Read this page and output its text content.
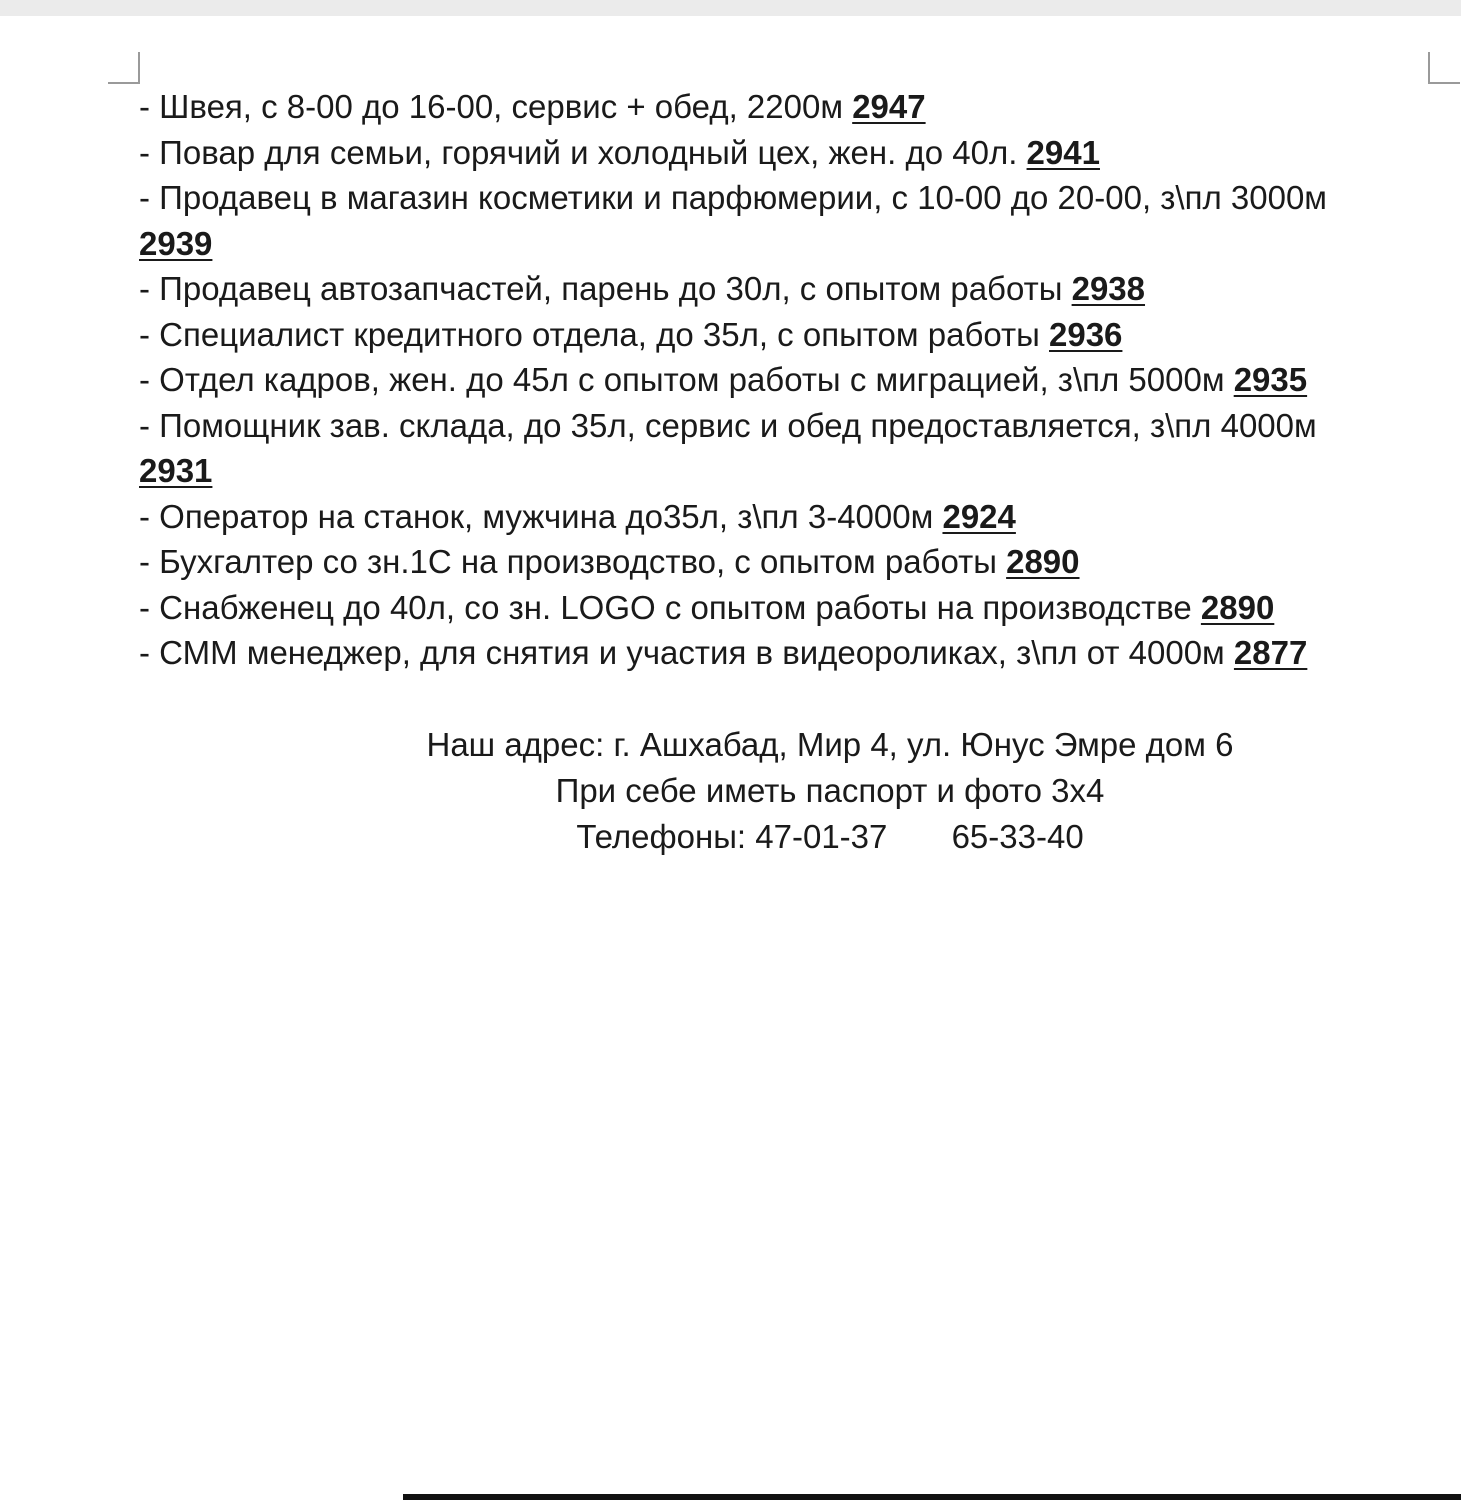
- Швея, с 8-00 до 16-00, сервис + обед, 2200м 2947
- Повар для семьи, горячий и холодный цех, жен. до 40л. 2941
- Продавец в магазин косметики и парфюмерии, с 10-00 до 20-00, з\пл 3000м
2939
- Продавец автозапчастей, парень до 30л, с опытом работы 2938
- Специалист кредитного отдела, до 35л, с опытом работы 2936
- Отдел кадров, жен. до 45л с опытом работы с миграцией, з\пл 5000м 2935
- Помощник зав. склада, до 35л, сервис и обед предоставляется, з\пл 4000м
2931
- Оператор на станок, мужчина до35л, з\пл 3-4000м 2924
- Бухгалтер со зн.1С на производство, с опытом работы 2890
- Снабженец до 40л, со зн. LOGO с опытом работы на производстве 2890
- СММ менеджер, для снятия и участия в видеороликах, з\пл от 4000м 2877

Наш адрес: г. Ашхабад, Мир 4, ул. Юнус Эмре дом 6

При себе иметь паспорт и фото 3х4

Телефоны: 47-01-37 65-33-40
